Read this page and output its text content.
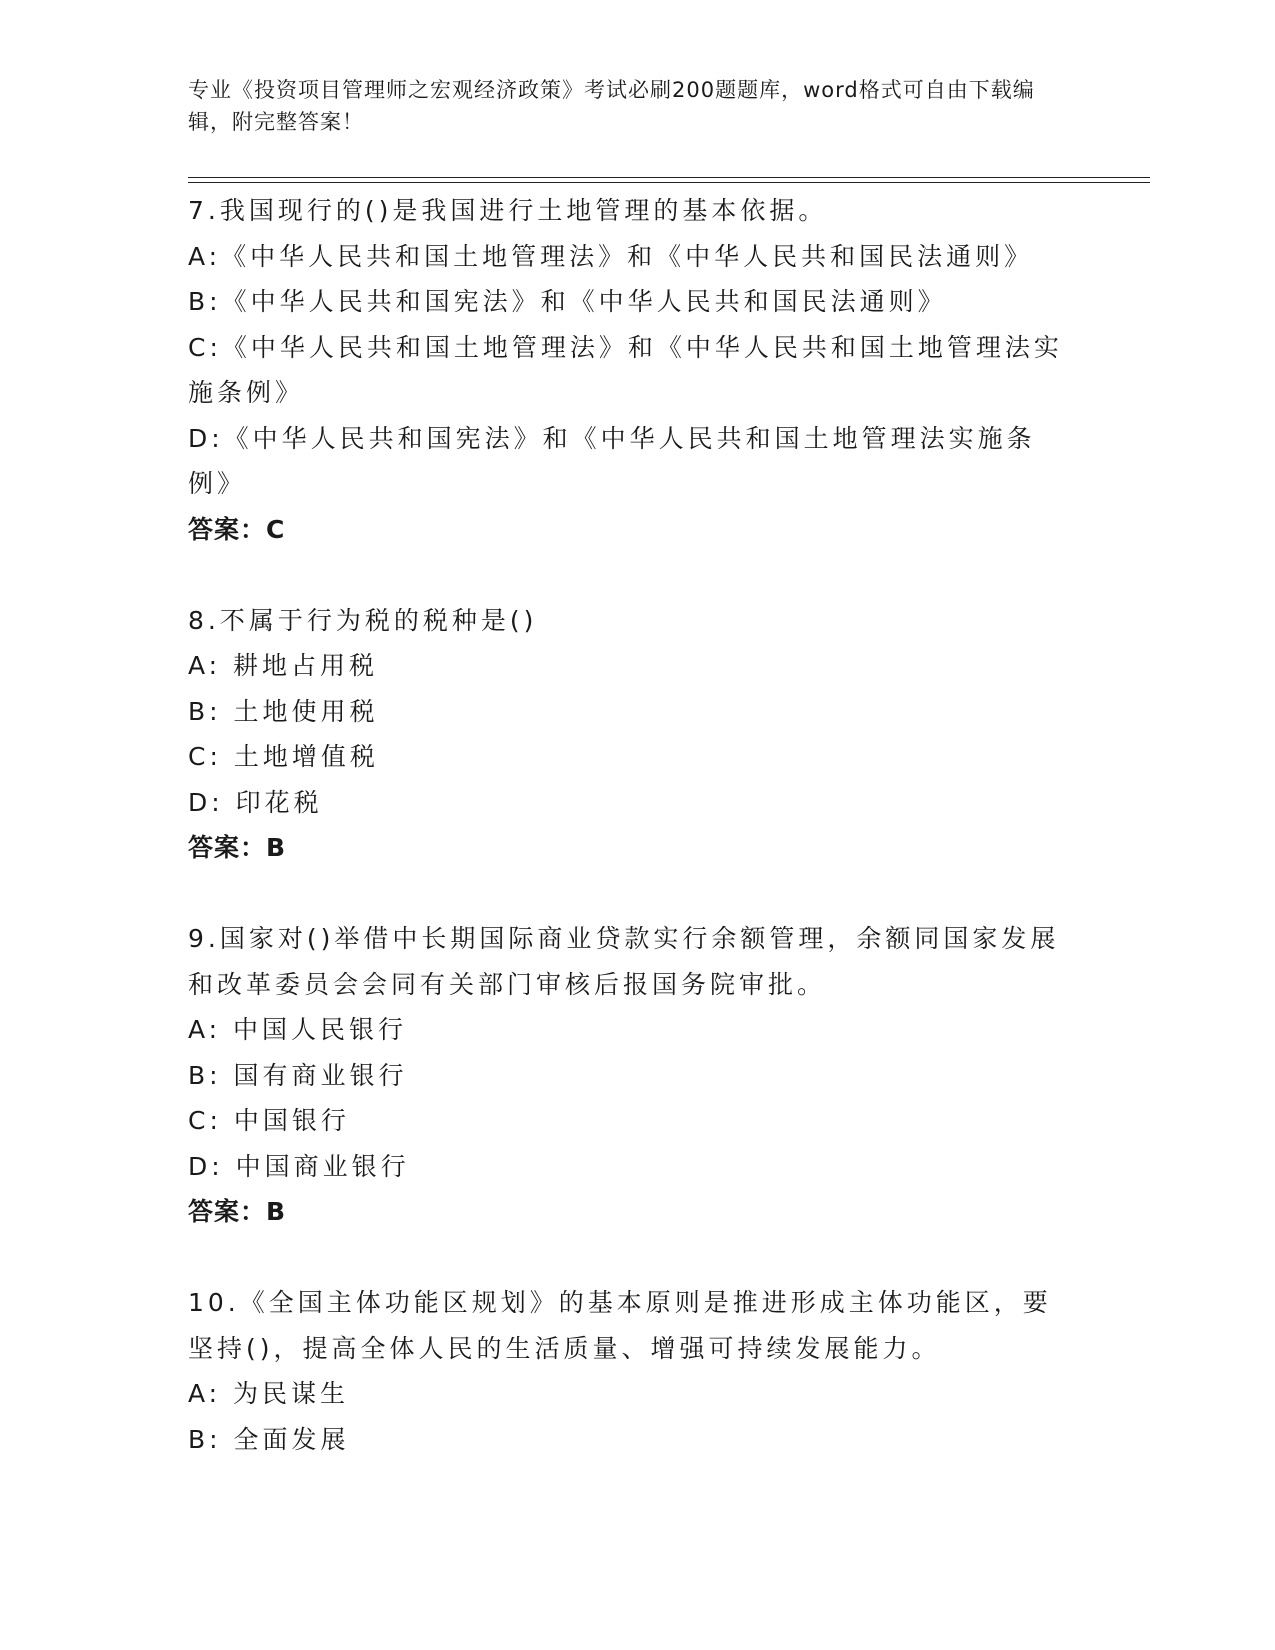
专业《投资项目管理师之宏观经济政策》考试必刷200题题库，word格式可自由下载编辑，附完整答案！

7.我国现行的()是我国进行土地管理的基本依据。

A:《中华人民共和国土地管理法》和《中华人民共和国民法通则》

B:《中华人民共和国宪法》和《中华人民共和国民法通则》

C:《中华人民共和国土地管理法》和《中华人民共和国土地管理法实施条例》

D:《中华人民共和国宪法》和《中华人民共和国土地管理法实施条例》

答案：C

8.不属于行为税的税种是()

A: 耕地占用税

B: 土地使用税

C: 土地增值税

D: 印花税

答案：B

9.国家对()举借中长期国际商业贷款实行余额管理，余额同国家发展和改革委员会会同有关部门审核后报国务院审批。

A: 中国人民银行

B: 国有商业银行

C: 中国银行

D: 中国商业银行

答案：B

10.《全国主体功能区规划》的基本原则是推进形成主体功能区，要坚持()，提高全体人民的生活质量、增强可持续发展能力。

A: 为民谋生

B: 全面发展
